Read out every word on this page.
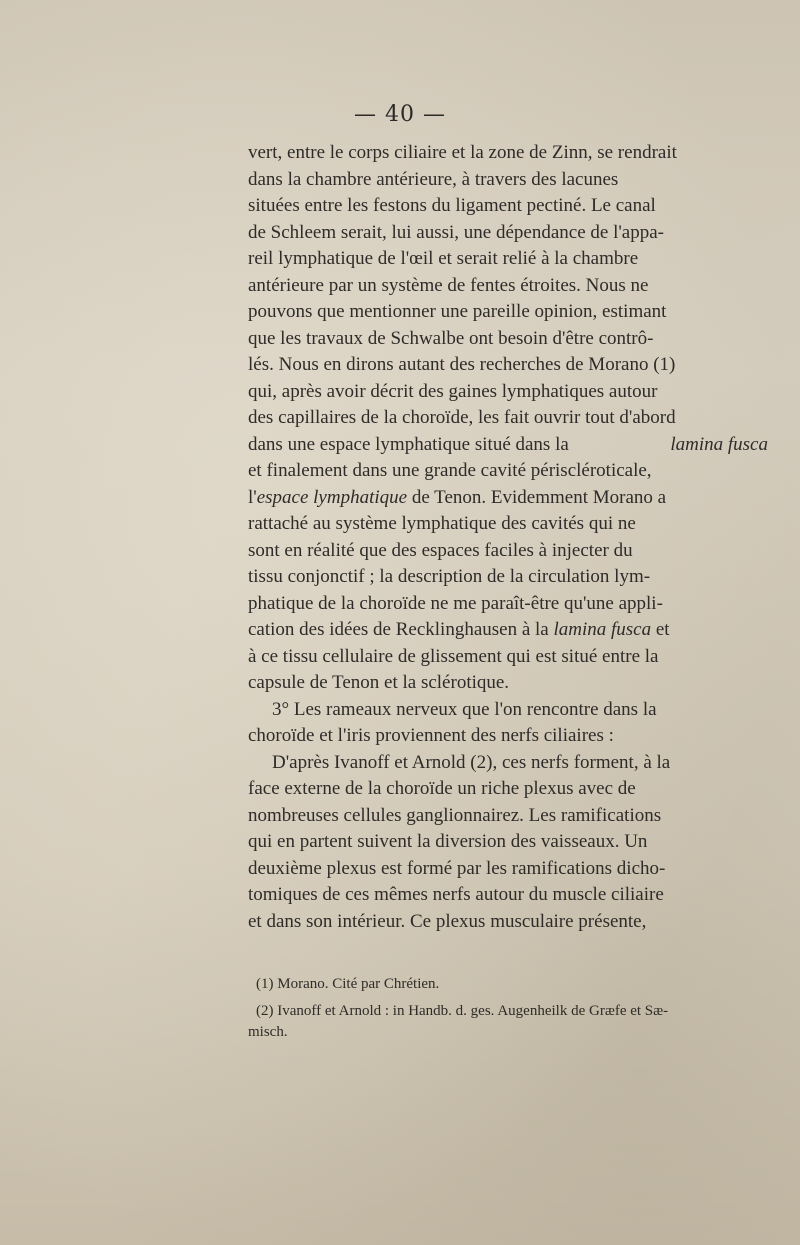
— 40 —
vert, entre le corps ciliaire et la zone de Zinn, se rendrait
dans la chambre antérieure, à travers des lacunes
situées entre les festons du ligament pectiné. Le canal
de Schleem serait, lui aussi, une dépendance de l'appa-
reil lymphatique de l'œil et serait relié à la chambre
antérieure par un système de fentes étroites. Nous ne
pouvons que mentionner une pareille opinion, estimant
que les travaux de Schwalbe ont besoin d'être contrô-
lés. Nous en dirons autant des recherches de Morano (1)
qui, après avoir décrit des gaines lymphatiques autour
des capillaires de la choroïde, les fait ouvrir tout d'abord
dans une espace lymphatique situé dans la	lamina fusca
et finalement dans une grande cavité périscléroticale,
l'espace lymphatique de Tenon. Evidemment Morano a
rattaché au système lymphatique des cavités qui ne
sont en réalité que des espaces faciles à injecter du
tissu conjonctif ; la description de la circulation lym-
phatique de la choroïde ne me paraît-être qu'une appli-
cation des idées de Recklinghausen à la lamina fusca et
à ce tissu cellulaire de glissement qui est situé entre la
capsule de Tenon et la sclérotique.
3° Les rameaux nerveux que l'on rencontre dans la
choroïde et l'iris proviennent des nerfs ciliaires :
D'après Ivanoff et Arnold (2), ces nerfs forment, à la
face externe de la choroïde un riche plexus avec de
nombreuses cellules ganglionnairez. Les ramifications
qui en partent suivent la diversion des vaisseaux. Un
deuxième plexus est formé par les ramifications dicho-
tomiques de ces mêmes nerfs autour du muscle ciliaire
et dans son intérieur. Ce plexus musculaire présente,
(1) Morano. Cité par Chrétien.
(2) Ivanoff et Arnold : in Handb. d. ges. Augenheilk de Græfe et Sæ-
misch.
